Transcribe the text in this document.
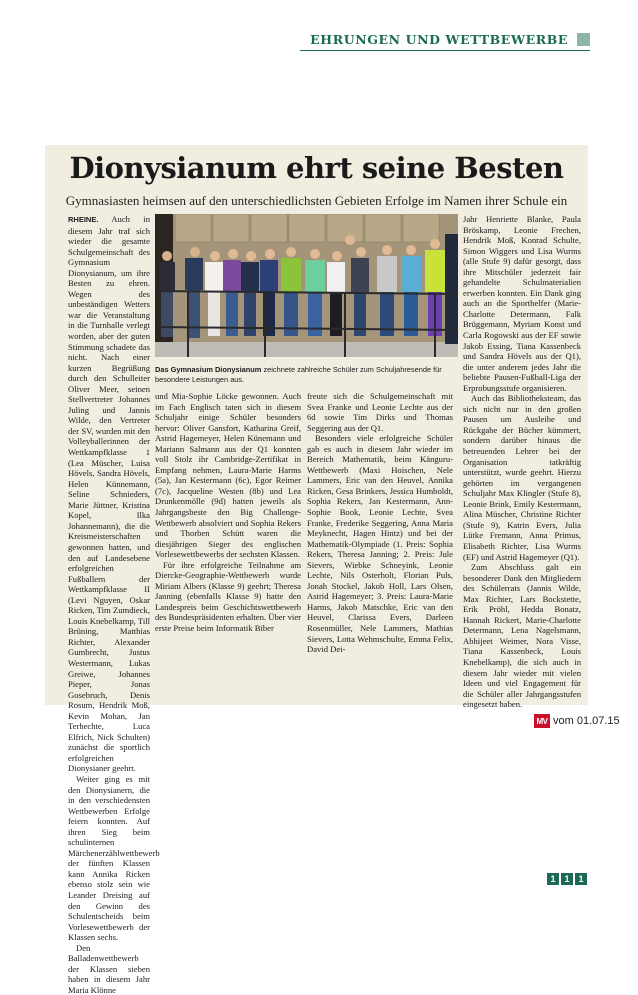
EHRUNGEN UND WETTBEWERBE
Dionysianum ehrt seine Besten
Gymnasiasten heimsen auf den unterschiedlichsten Gebieten Erfolge im Namen ihrer Schule ein

RHEINE. Auch in diesem Jahr traf sich wieder die gesamte Schulgemeinschaft des Gymnasium Dionysianum, um ihre Besten zu ehren. Wegen des unbeständigen Wetters war die Veranstaltung in die Turnhalle verlegt worden, aber der guten Stimmung schadete das nicht. Nach einer kurzen Begrüßung durch den Schulleiter Oliver Meer, seinen Stellvertreter Johannes Juling und Jannis Wilde, den Vertreter der SV, wurden mit den Volleyballerinnen der Wettkampfklasse 1 (Lea Müscher, Luisa Hövels, Sandra Hövels, Helen Künnemann, Seline Schnieders, Marie Jüttner, Kristina Kopel, Ilka Johannemann), die die Kreismeisterschaften gewonnen hatten, und den auf Landesebene erfolgreichen Fußballern der Wettkampfklasse II (Levi Nguyen, Oskar Ricken, Tim Zumdieck, Louis Knebelkamp, Till Brüning, Matthias Richter, Alexander Gumbrecht, Justus Westermann, Lukas Greiwe, Johannes Pieper, Jonas Gosebruch, Denis Rosum, Hendrik Moß, Kevin Mohan, Jan Terhechte, Luca Elfrich, Nick Schulten) zunächst die sportlich erfolgreichen Dionysianer geehrt.

Weiter ging es mit den Dionysianern, die in den verschiedensten Wettbewerben Erfolge feiern konnten. Auf ihren Sieg beim schulinternen Märchenerzählwettbewerb der fünften Klassen kann Annika Ricken ebenso stolz sein wie Leander Dreising auf den Gewinn des Schulentscheids beim Vorlesewettbewerb der Klassen sechs.

Den Balladenwettbewerb der Klassen sieben haben in diesem Jahr Maria Klönne

Das Gymnasium Dionysianum zeichnete zahlreiche Schüler zum Schuljahresende für besondere Leistungen aus.

und Mia-Sophie Löcke gewonnen. Auch im Fach Englisch taten sich in diesem Schuljahr einige Schüler besonders hervor: Oliver Gansfort, Katharina Greif, Astrid Hagemeyer, Helen Künemann und Mariann Salmann aus der Q1 konnten voll Stolz ihr Cambridge-Zertifikat in Empfang nehmen, Laura-Marie Harms (5a), Jan Kestermann (6c), Egor Reimer (7c), Jacqueline Westen (8b) und Lea Drunkenmölle (9d) hatten jeweils als Jahrgangsbeste den Big Challenge-Wettbewerb absolviert und Sophia Rekers und Thorben Schütt waren die diesjährigen Sieger des englischen Vorlesewettbewerbs der sechsten Klassen.

Für ihre erfolgreiche Teilnahme am Diercke-Geographie-Wettbewerb wurde Miriam Albers (Klasse 9) geehrt; Theresa Janning (ebenfalls Klasse 9) hatte den Landespreis beim Geschichtswettbewerb des Bundespräsidenten erhalten. Über vier erste Preise beim Informatik Biber

freute sich die Schulgemeinschaft mit Svea Franke und Leonie Lechte aus der 6d sowie Tim Dirks und Thomas Seggering aus der Q1.

Besonders viele erfolgreiche Schüler gab es auch in diesem Jahr wieder im Bereich Mathematik, beim Känguru-Wettbewerb (Maxi Hoischen, Nele Lammers, Eric van den Heuvel, Annika Ricken, Gesa Brinkers, Jessica Humboldt, Sophia Rekers, Jan Kestermann, Ann-Sophie Book, Leonie Lechte, Svea Franke, Frederike Seggering, Anna Maria Meyknecht, Hagen Hintz) und bei der Mathematik-Olympiade (1. Preis: Sophia Rekers, Theresa Janning; 2. Preis: Jule Sievers, Wiebke Schneyink, Leonie Lechte, Nils Osterholt, Florian Puls, Jonah Stockel, Jakob Holl, Lars Olsen, Astrid Hagemeyer; 3. Preis: Laura-Marie Harms, Jakob Matschke, Eric van den Heuvel, Clarissa Evers, Darleen Rosenmüller, Nele Lammers, Mathias Sievers, Lotta Wehmschulte, Emma Felix, David Dei-

Jahr Henriette Blanke, Paula Bröskamp, Leonie Frechen, Hendrik Moß, Konrad Schulte, Simon Wiggers und Lisa Wurms (alle Stufe 9) dafür gesorgt, dass ihre Mitschüler jederzeit fair gehandelte Schulmaterialien erwerben konnten. Ein Dank ging auch an die Sporthelfer (Marie-Charlotte Determann, Falk Brüggemann, Myriam Konst und Carla Rogowski aus der EF sowie Jakob Essing, Tiana Kassenbeck und Sandra Hövels aus der Q1), die unter anderem jedes Jahr die beliebte Pausen-Fußball-Liga der Erprobungsstufe organisieren.

Auch das Bibliotheksteam, das sich nicht nur in den großen Pausen um Ausleihe und Rückgabe der Bücher kümmert, sondern darüber hinaus die betreuenden Lehrer bei der Organisation tatkräftig unterstützt, wurde geehrt. Hierzu gehörten im vergangenen Schuljahr Max Klingler (Stufe 8), Leonie Brink, Emily Kestermann, Alina Müscher, Christine Richter (Stufe 9), Katrin Evers, Julia Lütke Fremann, Anna Primus, Elisabeth Richter, Lisa Wurms (EF) und Astrid Hagemeyer (Q1).

Zum Abschluss galt ein besonderer Dank den Mitgliedern des Schülerrats (Jannis Wilde, Max Richter, Lars Bockstette, Erik Pröhl, Hedda Bonatz, Hannah Rickert, Marie-Charlotte Determann, Lena Nagelsmann, Abhijeet Weimer, Nora Visse, Tiana Kassenbeck, Louis Knebelkamp), die sich auch in diesem Jahr wieder mit vielen Ideen und viel Engagement für die Schüler aller Jahrgangsstufen eingesetzt haben.

MV vom 01.07.15
1 1 1
